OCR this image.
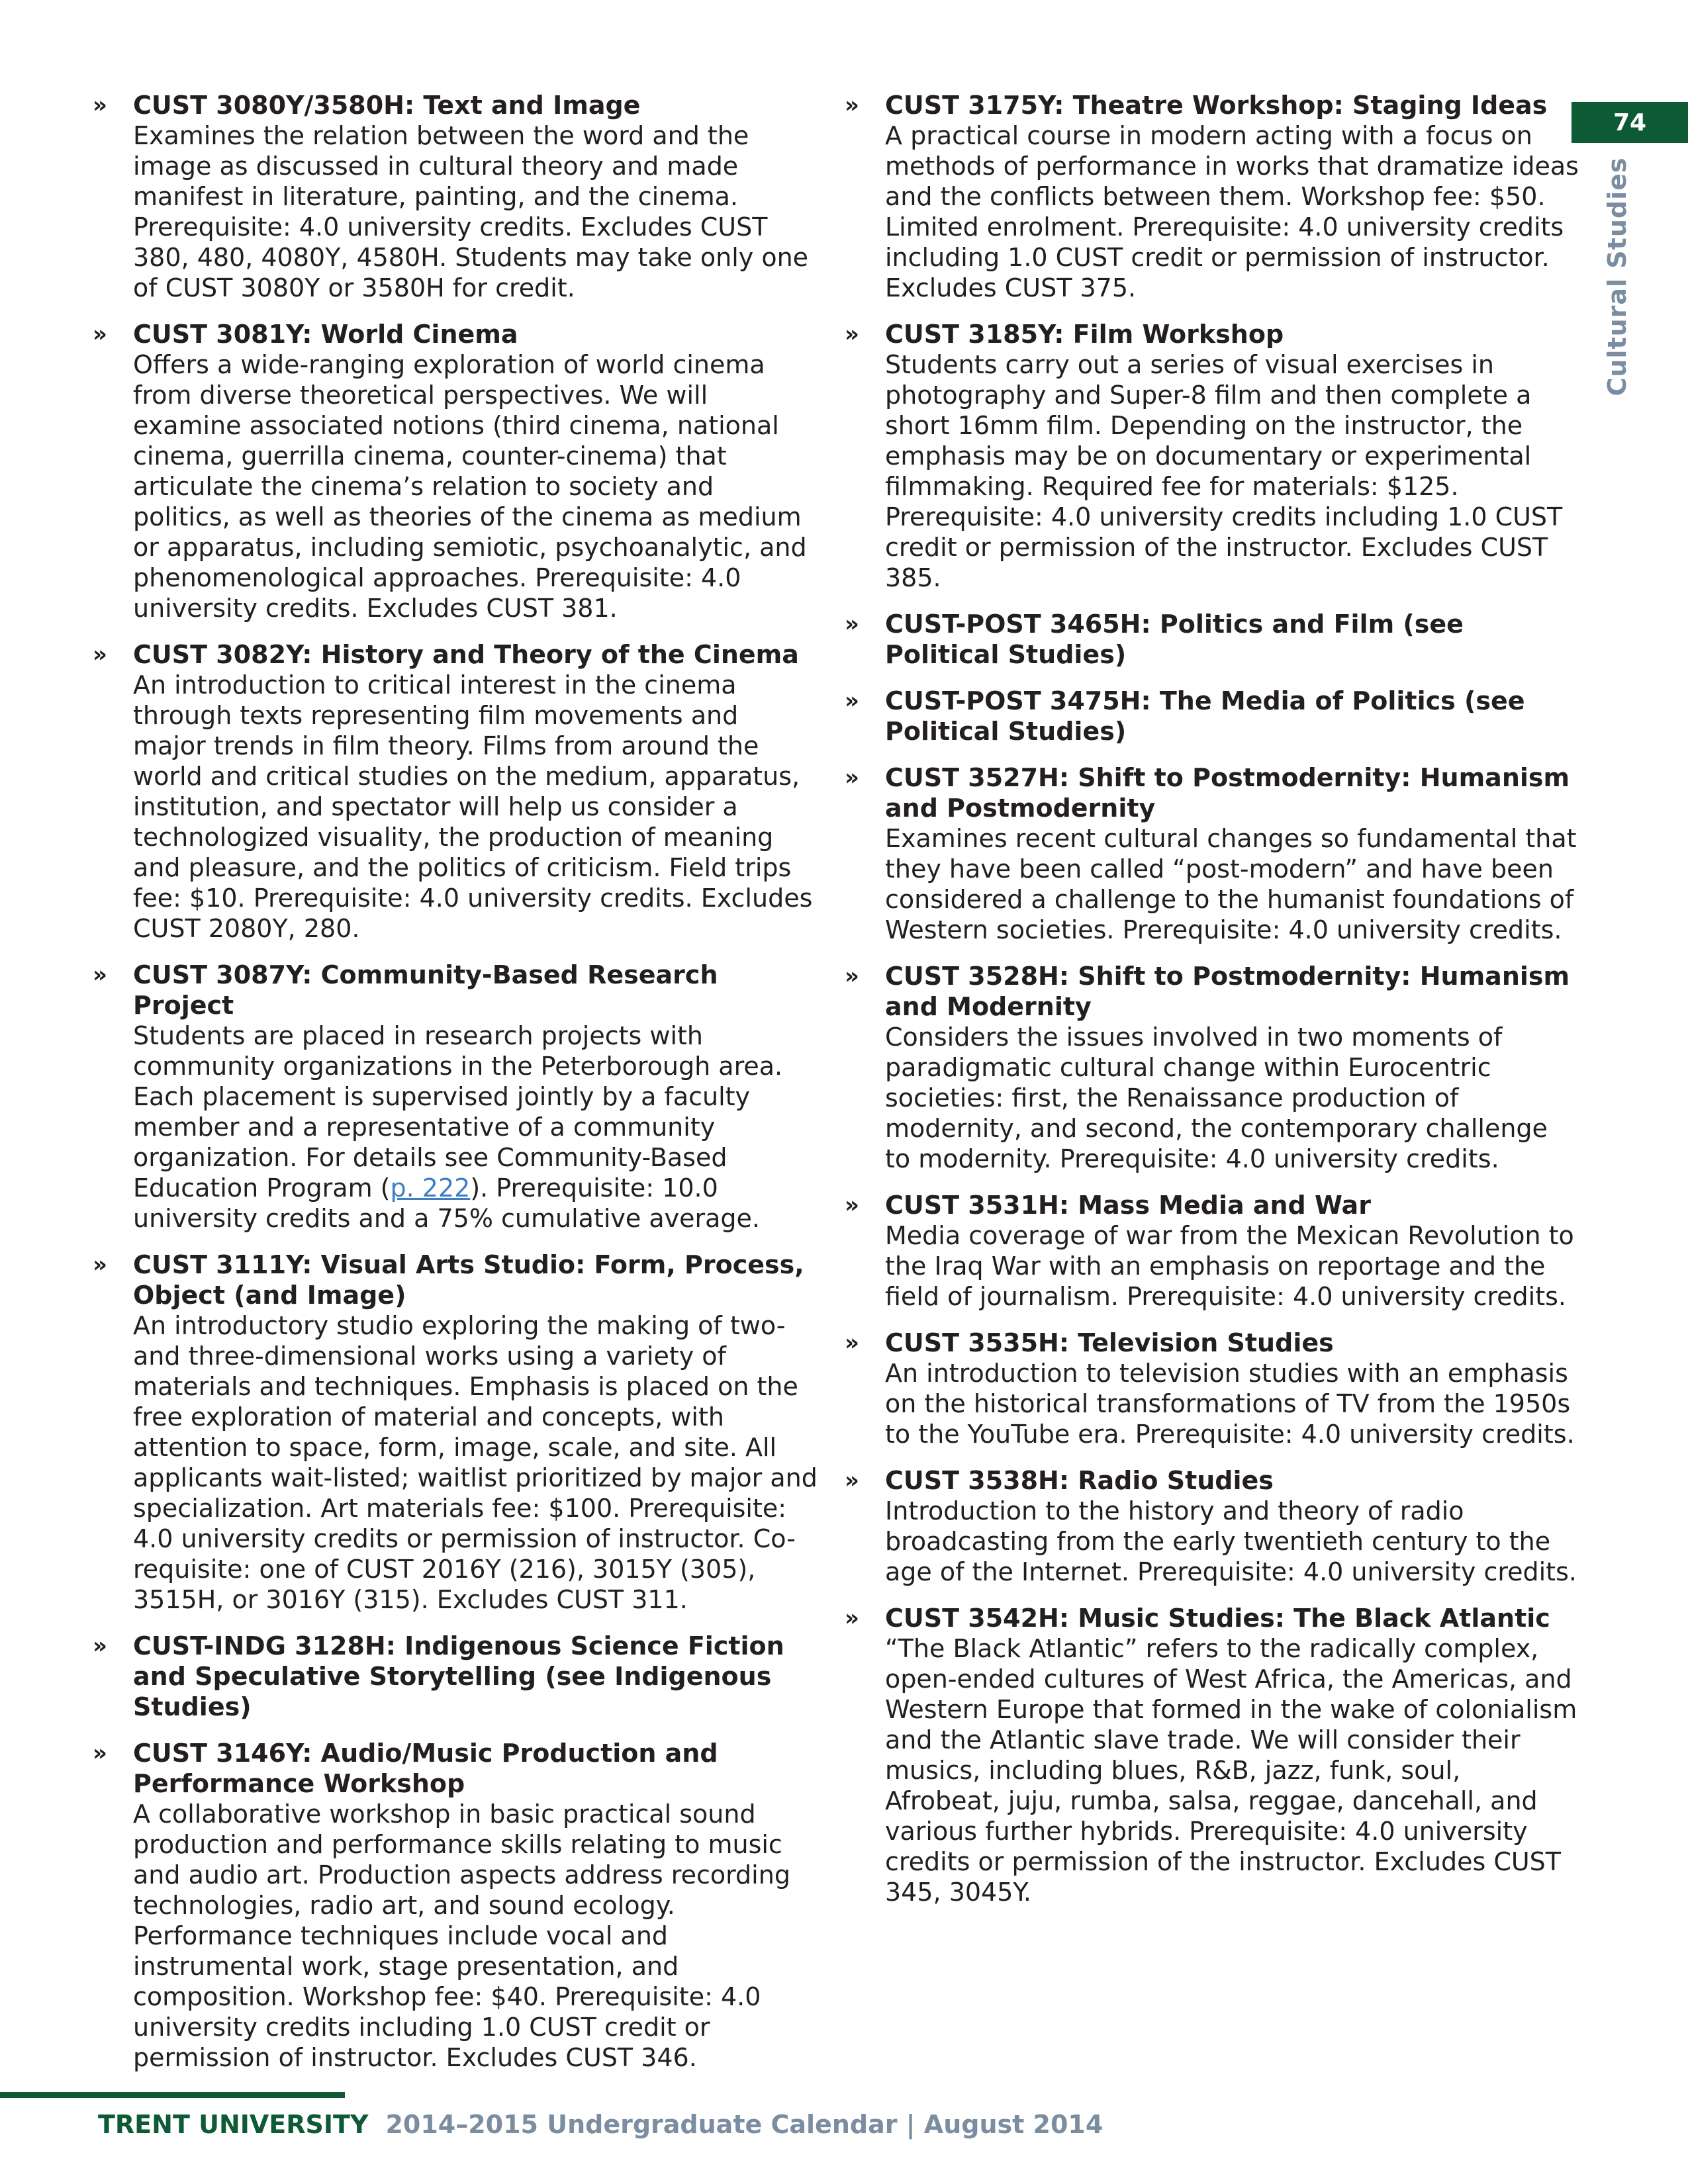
» CUST 3080Y/3580H: Text and Image
Examines the relation between the word and the image as discussed in cultural theory and made manifest in literature, painting, and the cinema. Prerequisite: 4.0 university credits. Excludes CUST 380, 480, 4080Y, 4580H. Students may take only one of CUST 3080Y or 3580H for credit.
» CUST 3081Y: World Cinema
Offers a wide-ranging exploration of world cinema from diverse theoretical perspectives. We will examine associated notions (third cinema, national cinema, guerrilla cinema, counter-cinema) that articulate the cinema’s relation to society and politics, as well as theories of the cinema as medium or apparatus, including semiotic, psychoanalytic, and phenomenological approaches. Prerequisite: 4.0 university credits. Excludes CUST 381.
» CUST 3082Y: History and Theory of the Cinema
An introduction to critical interest in the cinema through texts representing film movements and major trends in film theory. Films from around the world and critical studies on the medium, apparatus, institution, and spectator will help us consider a technologized visuality, the production of meaning and pleasure, and the politics of criticism. Field trips fee: $10. Prerequisite: 4.0 university credits. Excludes CUST 2080Y, 280.
» CUST 3087Y: Community-Based Research Project
Students are placed in research projects with community organizations in the Peterborough area. Each placement is supervised jointly by a faculty member and a representative of a community organization. For details see Community-Based Education Program (p. 222). Prerequisite: 10.0 university credits and a 75% cumulative average.
» CUST 3111Y: Visual Arts Studio: Form, Process, Object (and Image)
An introductory studio exploring the making of two- and three-dimensional works using a variety of materials and techniques. Emphasis is placed on the free exploration of material and concepts, with attention to space, form, image, scale, and site. All applicants wait-listed; waitlist prioritized by major and specialization. Art materials fee: $100. Prerequisite: 4.0 university credits or permission of instructor. Co-requisite: one of CUST 2016Y (216), 3015Y (305), 3515H, or 3016Y (315). Excludes CUST 311.
» CUST-INDG 3128H: Indigenous Science Fiction and Speculative Storytelling (see Indigenous Studies)
» CUST 3146Y: Audio/Music Production and Performance Workshop
A collaborative workshop in basic practical sound production and performance skills relating to music and audio art. Production aspects address recording technologies, radio art, and sound ecology. Performance techniques include vocal and instrumental work, stage presentation, and composition. Workshop fee: $40. Prerequisite: 4.0 university credits including 1.0 CUST credit or permission of instructor. Excludes CUST 346.
» CUST 3175Y: Theatre Workshop: Staging Ideas
A practical course in modern acting with a focus on methods of performance in works that dramatize ideas and the conflicts between them. Workshop fee: $50. Limited enrolment. Prerequisite: 4.0 university credits including 1.0 CUST credit or permission of instructor. Excludes CUST 375.
» CUST 3185Y: Film Workshop
Students carry out a series of visual exercises in photography and Super-8 film and then complete a short 16mm film. Depending on the instructor, the emphasis may be on documentary or experimental filmmaking. Required fee for materials: $125. Prerequisite: 4.0 university credits including 1.0 CUST credit or permission of the instructor. Excludes CUST 385.
» CUST-POST 3465H: Politics and Film (see Political Studies)
» CUST-POST 3475H: The Media of Politics (see Political Studies)
» CUST 3527H: Shift to Postmodernity: Humanism and Postmodernity
Examines recent cultural changes so fundamental that they have been called “post-modern” and have been considered a challenge to the humanist foundations of Western societies. Prerequisite: 4.0 university credits.
» CUST 3528H: Shift to Postmodernity: Humanism and Modernity
Considers the issues involved in two moments of paradigmatic cultural change within Eurocentric societies: first, the Renaissance production of modernity, and second, the contemporary challenge to modernity. Prerequisite: 4.0 university credits.
» CUST 3531H: Mass Media and War
Media coverage of war from the Mexican Revolution to the Iraq War with an emphasis on reportage and the field of journalism. Prerequisite: 4.0 university credits.
» CUST 3535H: Television Studies
An introduction to television studies with an emphasis on the historical transformations of TV from the 1950s to the YouTube era. Prerequisite: 4.0 university credits.
» CUST 3538H: Radio Studies
Introduction to the history and theory of radio broadcasting from the early twentieth century to the age of the Internet. Prerequisite: 4.0 university credits.
» CUST 3542H: Music Studies: The Black Atlantic
“The Black Atlantic” refers to the radically complex, open-ended cultures of West Africa, the Americas, and Western Europe that formed in the wake of colonialism and the Atlantic slave trade. We will consider their musics, including blues, R&B, jazz, funk, soul, Afrobeat, juju, rumba, salsa, reggae, dancehall, and various further hybrids. Prerequisite: 4.0 university credits or permission of the instructor. Excludes CUST 345, 3045Y.
74
Cultural Studies
TRENT UNIVERSITY 2014–2015 Undergraduate Calendar | August 2014
